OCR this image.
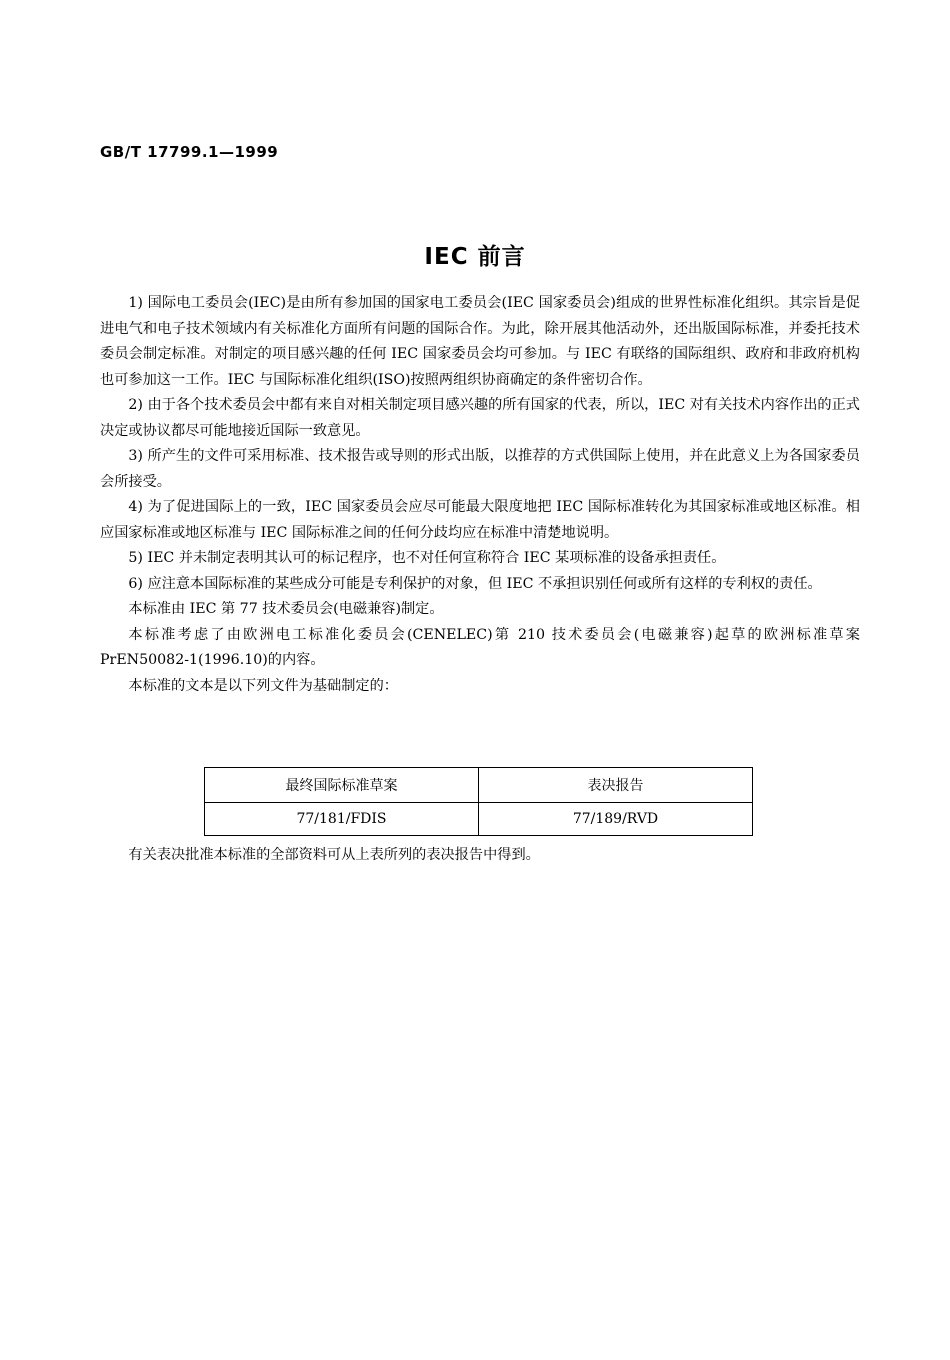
GB/T 17799.1—1999
IEC 前言

1) 国际电工委员会(IEC)是由所有参加国的国家电工委员会(IEC 国家委员会)组成的世界性标准化组织。其宗旨是促进电气和电子技术领域内有关标准化方面所有问题的国际合作。为此，除开展其他活动外，还出版国际标准，并委托技术委员会制定标准。对制定的项目感兴趣的任何 IEC 国家委员会均可参加。与 IEC 有联络的国际组织、政府和非政府机构也可参加这一工作。IEC 与国际标准化组织(ISO)按照两组织协商确定的条件密切合作。

2) 由于各个技术委员会中都有来自对相关制定项目感兴趣的所有国家的代表，所以，IEC 对有关技术内容作出的正式决定或协议都尽可能地接近国际一致意见。

3) 所产生的文件可采用标准、技术报告或导则的形式出版，以推荐的方式供国际上使用，并在此意义上为各国家委员会所接受。

4) 为了促进国际上的一致，IEC 国家委员会应尽可能最大限度地把 IEC 国际标准转化为其国家标准或地区标准。相应国家标准或地区标准与 IEC 国际标准之间的任何分歧均应在标准中清楚地说明。

5) IEC 并未制定表明其认可的标记程序，也不对任何宣称符合 IEC 某项标准的设备承担责任。

6) 应注意本国际标准的某些成分可能是专利保护的对象，但 IEC 不承担识别任何或所有这样的专利权的责任。

本标准由 IEC 第 77 技术委员会(电磁兼容)制定。

本标准考虑了由欧洲电工标准化委员会(CENELEC)第 210 技术委员会(电磁兼容)起草的欧洲标准草案 PrEN50082-1(1996.10)的内容。

本标准的文本是以下列文件为基础制定的：

最终国际标准草案	表决报告
77/181/FDIS	77/189/RVD

有关表决批准本标准的全部资料可从上表所列的表决报告中得到。
